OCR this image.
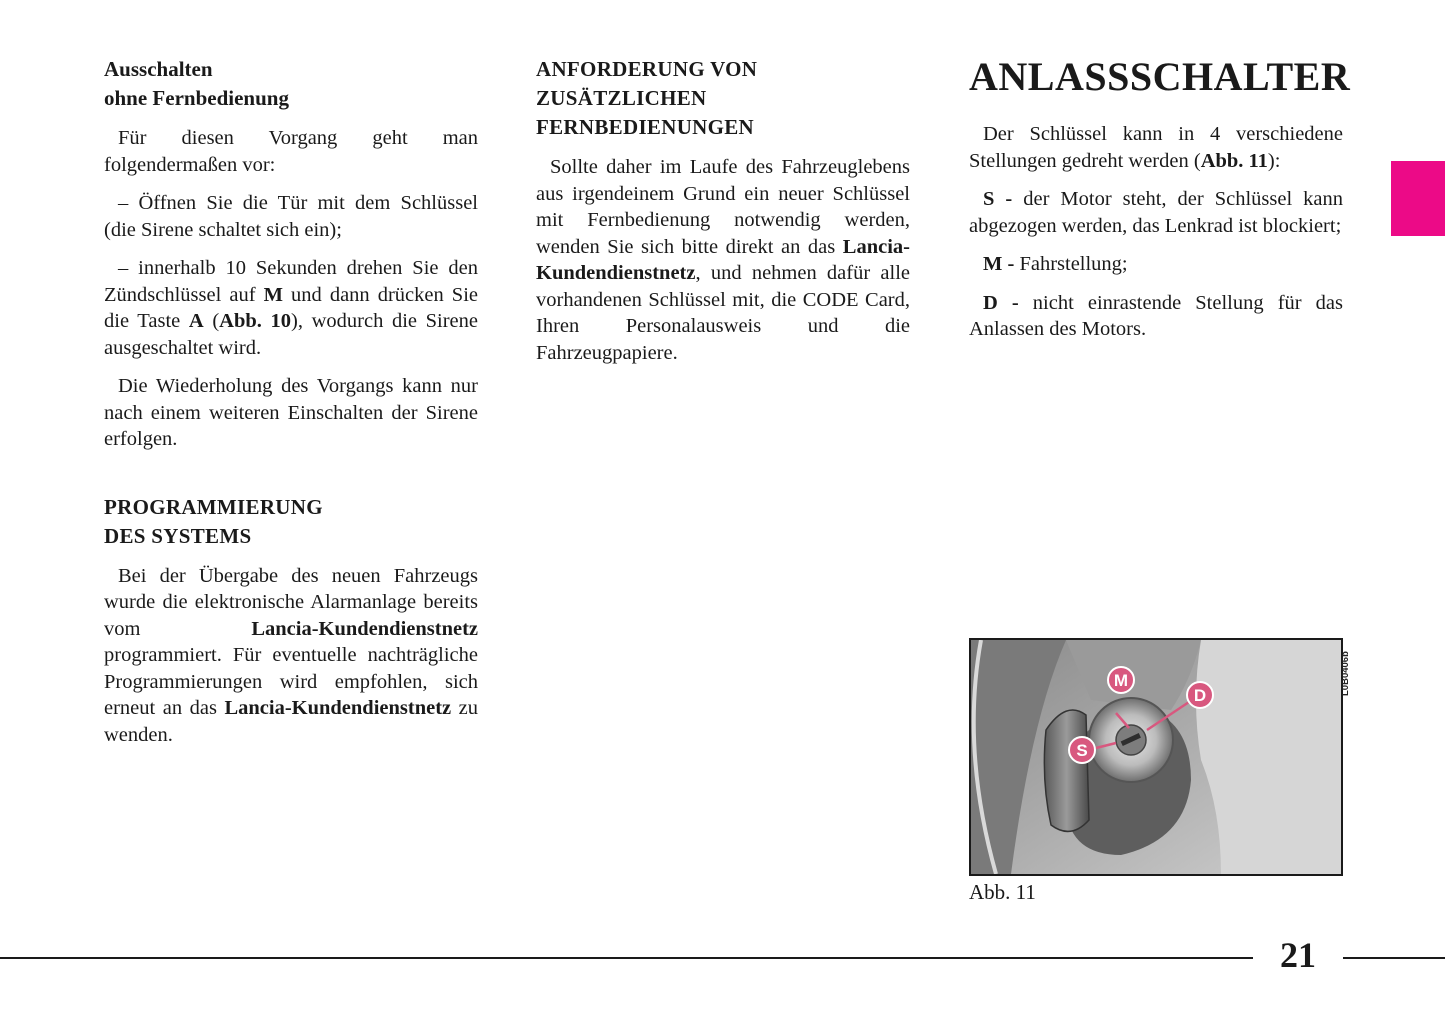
Ausschalten
ohne Fernbedienung

Für diesen Vorgang geht man folgendermaßen vor:

– Öffnen Sie die Tür mit dem Schlüssel (die Sirene schaltet sich ein);

– innerhalb 10 Sekunden drehen Sie den Zündschlüssel auf M und dann drücken Sie die Taste A (Abb. 10), wodurch die Sirene ausgeschaltet wird.

Die Wiederholung des Vorgangs kann nur nach einem weiteren Einschalten der Sirene erfolgen.

PROGRAMMIERUNG
DES SYSTEMS

Bei der Übergabe des neuen Fahrzeugs wurde die elektronische Alarmanlage bereits vom Lancia-Kundendienstnetz programmiert. Für eventuelle nachträgliche Programmierungen wird empfohlen, sich erneut an das Lancia-Kundendienstnetz zu wenden.

ANFORDERUNG VON
ZUSÄTZLICHEN
FERNBEDIENUNGEN

Sollte daher im Laufe des Fahrzeuglebens aus irgendeinem Grund ein neuer Schlüssel mit Fernbedienung notwendig werden, wenden Sie sich bitte direkt an das Lancia-Kundendienstnetz, und nehmen dafür alle vorhandenen Schlüssel mit, die CODE Card, Ihren Personalausweis und die Fahrzeugpapiere.

ANLASSSCHALTER

Der Schlüssel kann in 4 verschiedene Stellungen gedreht werden (Abb. 11):

S - der Motor steht, der Schlüssel kann abgezogen werden, das Lenkrad ist blockiert;

M - Fahrstellung;

D - nicht einrastende Stellung für das Anlassen des Motors.

M
D
S
L0B0406b
Abb. 11
21
